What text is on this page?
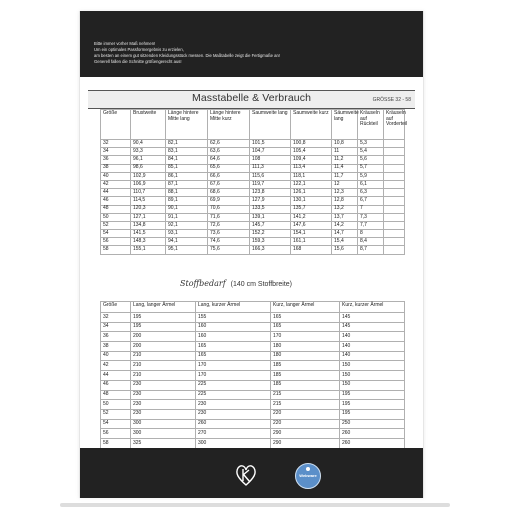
Bitte immer vorher Maß nehmen!
Um ein optimales Passformergebnis zu erzielen,
am besten an einem gut sitzenden Kleidungsstück messen. Die Maßtabelle zeigt die Fertigmaße an!
Generell fallen die Schnitte größengerecht aus!
Masstabelle & Verbrauch	GRÖSSE 32 - 58
Größe	Brustweite	Länge hintere Mitte lang	Länge hintere Mitte kurz	Saumweite lang	Saumweite kurz	Säumweite lang	Kräuseln auf Rückteil	Kräuseln auf Vorderteil
32	90,4	82,1	62,6	101,5	100,8	10,8	5,3	
34	93,3	83,1	63,6	104,7	105,4	11	5,4	
36	96,1	84,1	64,6	108	109,4	11,2	5,6	
38	98,6	85,1	65,6	111,3	113,4	11,4	5,7	
40	102,9	86,1	66,6	115,6	118,1	11,7	5,9	
42	106,9	87,1	67,6	119,7	122,1	12	6,1	
44	110,7	88,1	68,6	123,8	126,1	12,3	6,3	
46	114,5	89,1	69,9	127,9	130,1	12,8	6,7	
48	120,3	90,1	70,6	133,5	135,7	13,2	7	
50	127,1	91,1	71,6	139,1	141,2	13,7	7,3	
52	134,8	92,1	72,6	145,7	147,6	14,2	7,7	
54	141,5	93,1	73,6	152,2	154,1	14,7	8	
56	148,3	94,1	74,6	159,3	161,1	15,4	8,4	
58	155,1	95,1	75,6	166,3	168	15,6	8,7	
Stoffbedarf (140 cm Stoffbreite)
Größe	Lang, langer Ärmel	Lang, kurzer Ärmel	Kurz, langer Ärmel	Kurz, kurzer Ärmel
32	195	155	165	145
34	195	160	165	145
36	200	160	170	140
38	200	165	180	140
40	210	165	180	140
42	210	170	185	150
44	210	170	185	150
46	230	225	185	150
48	230	225	215	195
50	230	230	215	195
52	230	230	220	195
54	300	260	220	250
56	300	270	290	260
58	325	300	290	260
Webware
